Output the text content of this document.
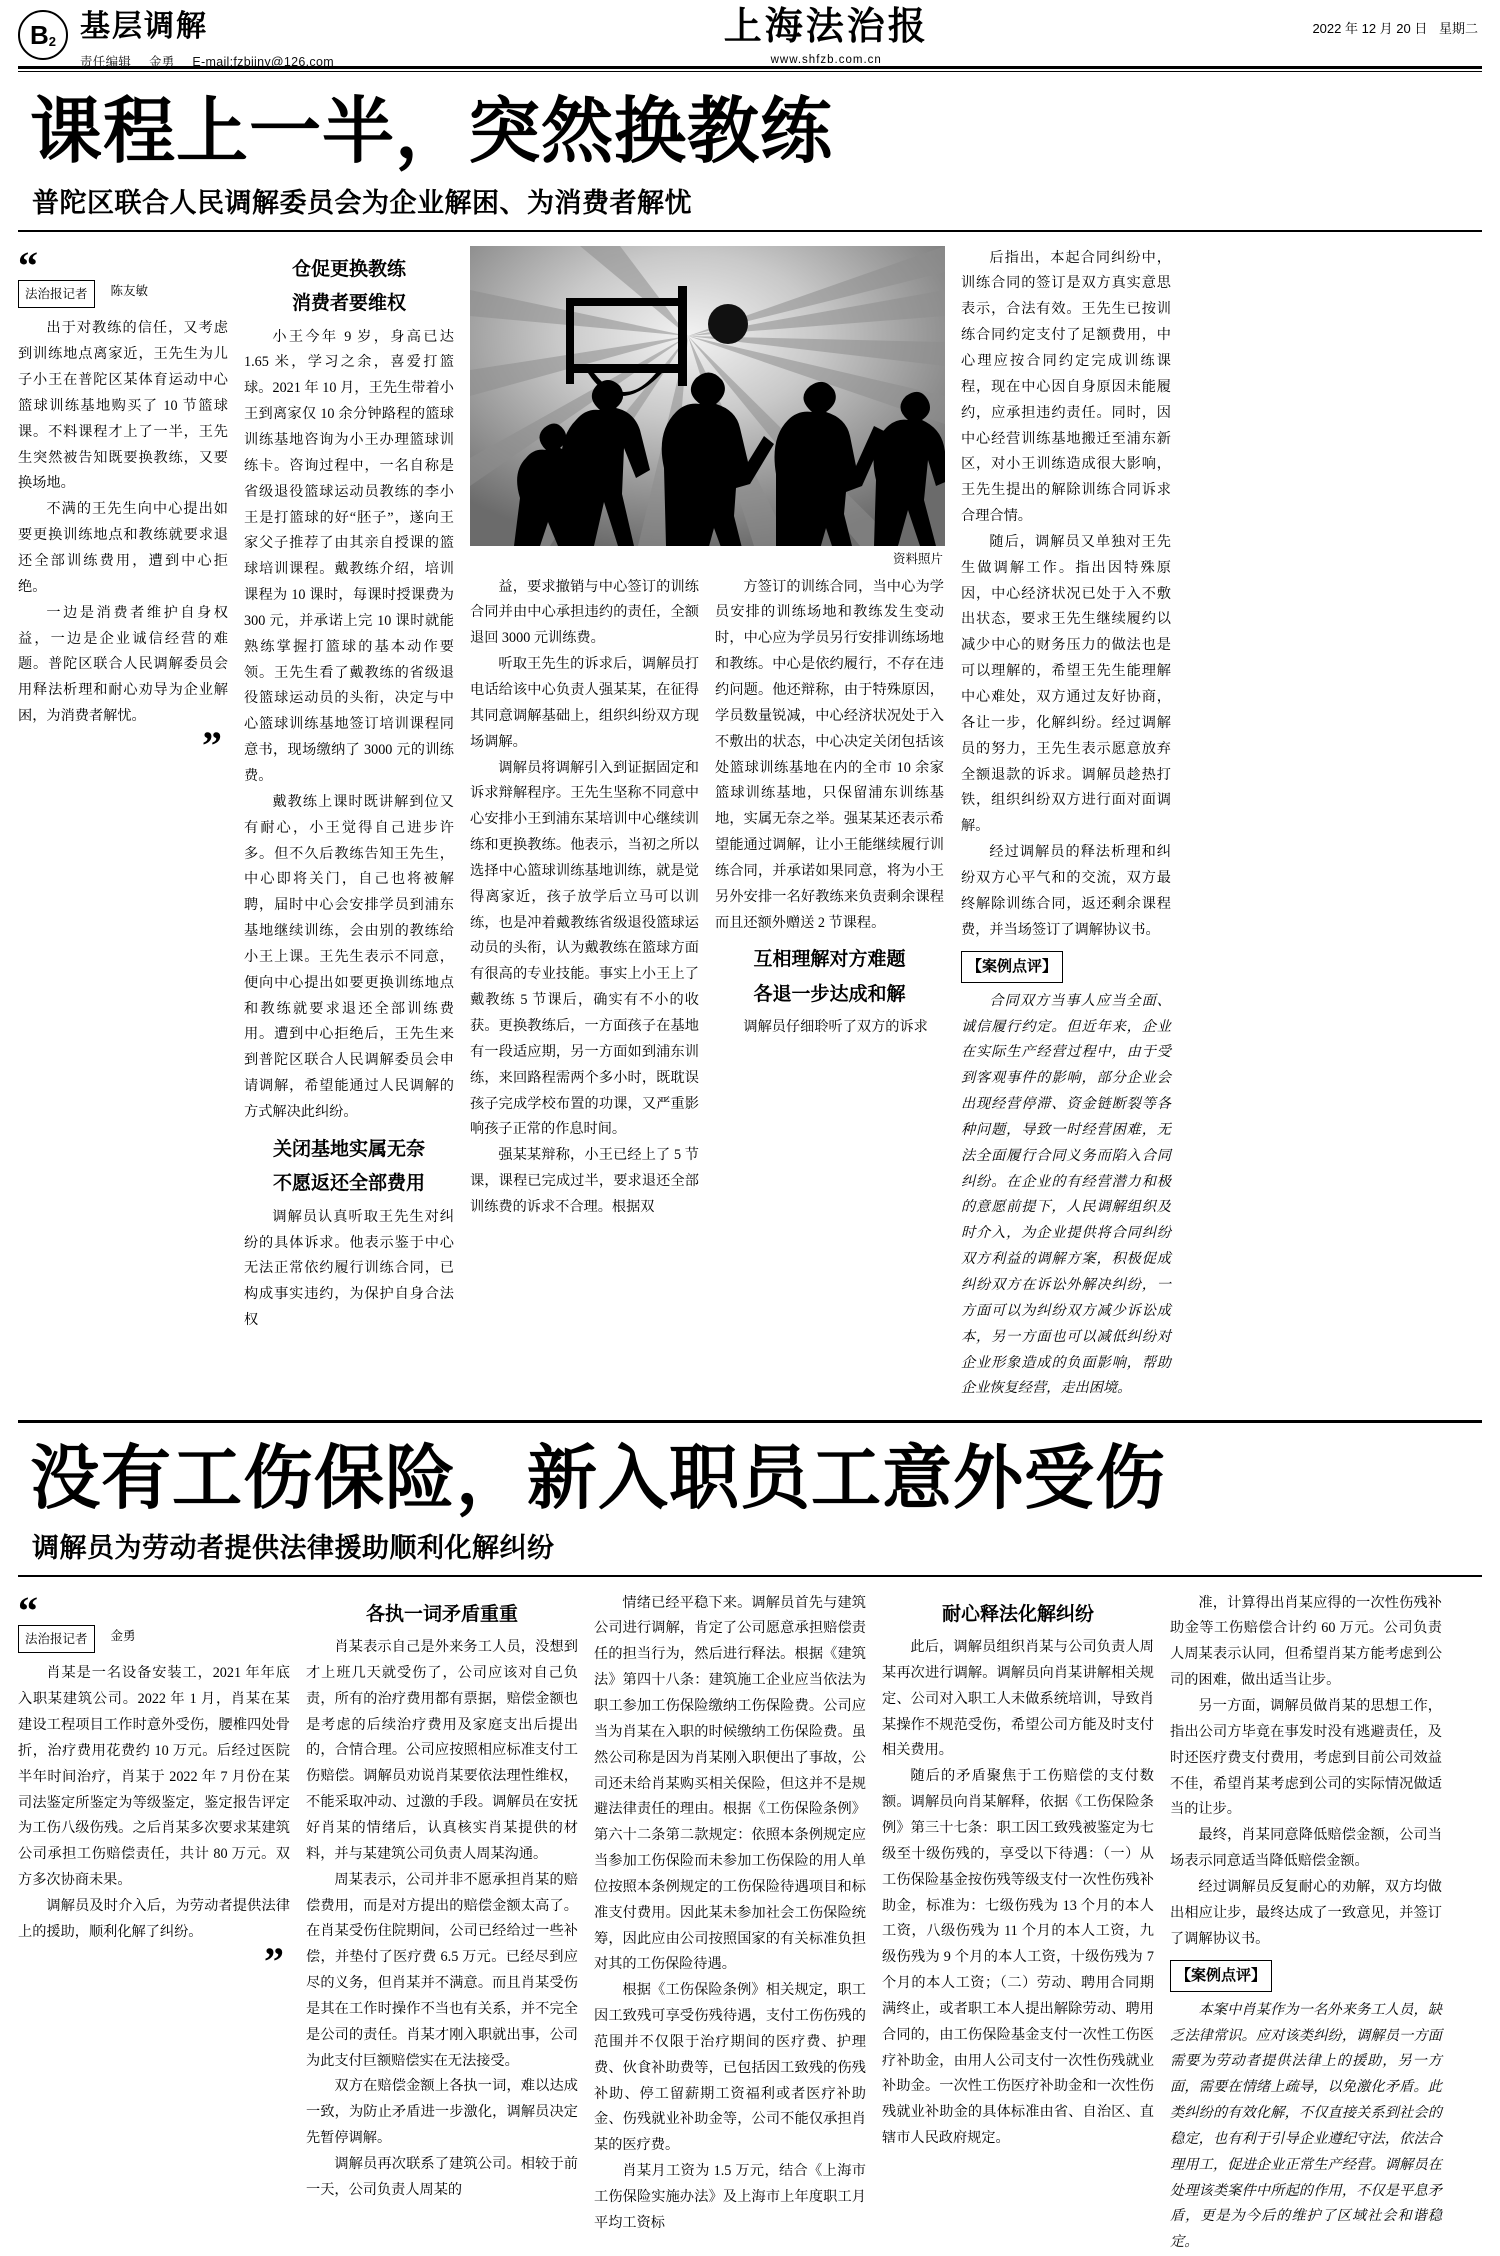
B 2 基层调解
责任编辑 金勇 E-mail:fzbjiny@126.com
上海法治报
www.shfzb.com.cn
2022 年 12 月 20 日 星期二
课程上一半，突然换教练
普陀区联合人民调解委员会为企业解困、为消费者解忧
“
法治报记者	陈友敏

出于对教练的信任，又考虑到训练地点离家近，王先生为儿子小王在普陀区某体育运动中心篮球训练基地购买了 10 节篮球课。不料课程才上了一半，王先生突然被告知既要换教练，又要换场地。

不满的王先生向中心提出如要更换训练地点和教练就要求退还全部训练费用，遭到中心拒绝。

一边是消费者维护自身权益，一边是企业诚信经营的难题。普陀区联合人民调解委员会用释法析理和耐心劝导为企业解困，为消费者解忧。

”
仓促更换教练
消费者要维权

小王今年 9 岁，身高已达 1.65 米，学习之余，喜爱打篮球。2021 年 10 月，王先生带着小王到离家仅 10 余分钟路程的篮球训练基地咨询为小王办理篮球训练卡。咨询过程中，一名自称是省级退役篮球运动员教练的李小王是打篮球的好“胚子”，遂向王家父子推荐了由其亲自授课的篮球培训课程。戴教练介绍，培训课程为 10 课时，每课时授课费为 300 元，并承诺上完 10 课时就能熟练掌握打篮球的基本动作要领。王先生看了戴教练的省级退役篮球运动员的头衔，决定与中心篮球训练基地签订培训课程同意书，现场缴纳了 3000 元的训练费。

戴教练上课时既讲解到位又有耐心，小王觉得自己进步许多。但不久后教练告知王先生，中心即将关门，自己也将被解聘，届时中心会安排学员到浦东基地继续训练，会由别的教练给小王上课。王先生表示不同意，便向中心提出如要更换训练地点和教练就要求退还全部训练费用。遭到中心拒绝后，王先生来到普陀区联合人民调解委员会申请调解，希望能通过人民调解的方式解决此纠纷。

关闭基地实属无奈
不愿返还全部费用

调解员认真听取王先生对纠纷的具体诉求。他表示鉴于中心无法正常依约履行训练合同，已构成事实违约，为保护自身合法权

资料照片

益，要求撤销与中心签订的训练合同并由中心承担违约的责任，全额退回 3000 元训练费。

听取王先生的诉求后，调解员打电话给该中心负责人强某某，在征得其同意调解基础上，组织纠纷双方现场调解。

调解员将调解引入到证据固定和诉求辩解程序。王先生坚称不同意中心安排小王到浦东某培训中心继续训练和更换教练。他表示，当初之所以选择中心篮球训练基地训练，就是觉得离家近，孩子放学后立马可以训练，也是冲着戴教练省级退役篮球运动员的头衔，认为戴教练在篮球方面有很高的专业技能。事实上小王上了戴教练 5 节课后，确实有不小的收获。更换教练后，一方面孩子在基地有一段适应期，另一方面如到浦东训练，来回路程需两个多小时，既耽误孩子完成学校布置的功课，又严重影响孩子正常的作息时间。

强某某辩称，小王已经上了 5 节课，课程已完成过半，要求退还全部训练费的诉求不合理。根据双

方签订的训练合同，当中心为学员安排的训练场地和教练发生变动时，中心应为学员另行安排训练场地和教练。中心是依约履行，不存在违约问题。他还辩称，由于特殊原因，学员数量锐减，中心经济状况处于入不敷出的状态，中心决定关闭包括该处篮球训练基地在内的全市 10 余家篮球训练基地，只保留浦东训练基地，实属无奈之举。强某某还表示希望能通过调解，让小王能继续履行训练合同，并承诺如果同意，将为小王另外安排一名好教练来负责剩余课程而且还额外赠送 2 节课程。

互相理解对方难题
各退一步达成和解

调解员仔细聆听了双方的诉求

后指出，本起合同纠纷中，训练合同的签订是双方真实意思表示，合法有效。王先生已按训练合同约定支付了足额费用，中心理应按合同约定完成训练课程，现在中心因自身原因未能履约，应承担违约责任。同时，因中心经营训练基地搬迁至浦东新区，对小王训练造成很大影响，王先生提出的解除训练合同诉求合理合情。

随后，调解员又单独对王先生做调解工作。指出因特殊原因，中心经济状况已处于入不敷出状态，要求王先生继续履约以减少中心的财务压力的做法也是可以理解的，希望王先生能理解中心难处，双方通过友好协商，各让一步，化解纠纷。经过调解员的努力，王先生表示愿意放弃全额退款的诉求。调解员趁热打铁，组织纠纷双方进行面对面调解。

经过调解员的释法析理和纠纷双方心平气和的交流，双方最终解除训练合同，返还剩余课程费，并当场签订了调解协议书。

【案例点评】

合同双方当事人应当全面、诚信履行约定。但近年来，企业在实际生产经营过程中，由于受到客观事件的影响，部分企业会出现经营停滞、资金链断裂等各种问题，导致一时经营困难，无法全面履行合同义务而陷入合同纠纷。在企业的有经营潜力和极的意愿前提下，人民调解组织及时介入，为企业提供将合同纠纷双方利益的调解方案，积极促成纠纷双方在诉讼外解决纠纷，一方面可以为纠纷双方减少诉讼成本，另一方面也可以减低纠纷对企业形象造成的负面影响，帮助企业恢复经营，走出困境。

没有工伤保险，新入职员工意外受伤
调解员为劳动者提供法律援助顺利化解纠纷
“
法治报记者	金勇

肖某是一名设备安装工，2021 年年底入职某建筑公司。2022 年 1 月，肖某在某建设工程项目工作时意外受伤，腰椎四处骨折，治疗费用花费约 10 万元。后经过医院半年时间治疗，肖某于 2022 年 7 月份在某司法鉴定所鉴定为等级鉴定，鉴定报告评定为工伤八级伤残。之后肖某多次要求某建筑公司承担工伤赔偿责任，共计 80 万元。双方多次协商未果。

调解员及时介入后，为劳动者提供法律上的援助，顺利化解了纠纷。

”
各执一词矛盾重重

肖某表示自己是外来务工人员，没想到才上班几天就受伤了，公司应该对自己负责，所有的治疗费用都有票据，赔偿金额也是考虑的后续治疗费用及家庭支出后提出的，合情合理。公司应按照相应标准支付工伤赔偿。调解员劝说肖某要依法理性维权，不能采取冲动、过激的手段。调解员在安抚好肖某的情绪后，认真核实肖某提供的材料，并与某建筑公司负责人周某沟通。

周某表示，公司并非不愿承担肖某的赔偿费用，而是对方提出的赔偿金额太高了。在肖某受伤住院期间，公司已经给过一些补偿，并垫付了医疗费 6.5 万元。已经尽到应尽的义务，但肖某并不满意。而且肖某受伤是其在工作时操作不当也有关系，并不完全是公司的责任。肖某才刚入职就出事，公司为此支付巨额赔偿实在无法接受。

双方在赔偿金额上各执一词，难以达成一致，为防止矛盾进一步激化，调解员决定先暂停调解。

调解员再次联系了建筑公司。相较于前一天，公司负责人周某的

情绪已经平稳下来。调解员首先与建筑公司进行调解，肯定了公司愿意承担赔偿责任的担当行为，然后进行释法。根据《建筑法》第四十八条：建筑施工企业应当依法为职工参加工伤保险缴纳工伤保险费。公司应当为肖某在入职的时候缴纳工伤保险费。虽然公司称是因为肖某刚入职便出了事故，公司还未给肖某购买相关保险，但这并不是规避法律责任的理由。根据《工伤保险条例》第六十二条第二款规定：依照本条例规定应当参加工伤保险而未参加工伤保险的用人单位按照本条例规定的工伤保险待遇项目和标准支付费用。因此某未参加社会工伤保险统筹，因此应由公司按照国家的有关标准负担对其的工伤保险待遇。

根据《工伤保险条例》相关规定，职工因工致残可享受伤残待遇，支付工伤伤残的范围并不仅限于治疗期间的医疗费、护理费、伙食补助费等，已包括因工致残的伤残补助、停工留薪期工资福利或者医疗补助金、伤残就业补助金等，公司不能仅承担肖某的医疗费。

肖某月工资为 1.5 万元，结合《上海市工伤保险实施办法》及上海市上年度职工月平均工资标

耐心释法化解纠纷

此后，调解员组织肖某与公司负责人周某再次进行调解。调解员向肖某讲解相关规定、公司对入职工人未做系统培训，导致肖某操作不规范受伤，希望公司方能及时支付相关费用。

随后的矛盾聚焦于工伤赔偿的支付数额。调解员向肖某解释，依据《工伤保险条例》第三十七条：职工因工致残被鉴定为七级至十级伤残的，享受以下待遇：（一）从工伤保险基金按伤残等级支付一次性伤残补助金，标准为：七级伤残为 13 个月的本人工资，八级伤残为 11 个月的本人工资，九级伤残为 9 个月的本人工资，十级伤残为 7 个月的本人工资；（二）劳动、聘用合同期满终止，或者职工本人提出解除劳动、聘用合同的，由工伤保险基金支付一次性工伤医疗补助金，由用人公司支付一次性伤残就业补助金。一次性工伤医疗补助金和一次性伤残就业补助金的具体标准由省、自治区、直辖市人民政府规定。

准，计算得出肖某应得的一次性伤残补助金等工伤赔偿合计约 60 万元。公司负责人周某表示认同，但希望肖某方能考虑到公司的困难，做出适当让步。

另一方面，调解员做肖某的思想工作，指出公司方毕竟在事发时没有逃避责任，及时还医疗费支付费用，考虑到目前公司效益不佳，希望肖某考虑到公司的实际情况做适当的让步。

最终，肖某同意降低赔偿金额，公司当场表示同意适当降低赔偿金额。

经过调解员反复耐心的劝解，双方均做出相应让步，最终达成了一致意见，并签订了调解协议书。

【案例点评】

本案中肖某作为一名外来务工人员，缺乏法律常识。应对该类纠纷，调解员一方面需要为劳动者提供法律上的援助，另一方面，需要在情绪上疏导，以免激化矛盾。此类纠纷的有效化解，不仅直接关系到社会的稳定，也有利于引导企业遵纪守法，依法合理用工，促进企业正常生产经营。调解员在处理该类案件中所起的作用，不仅是平息矛盾，更是为今后的维护了区域社会和谐稳定。
